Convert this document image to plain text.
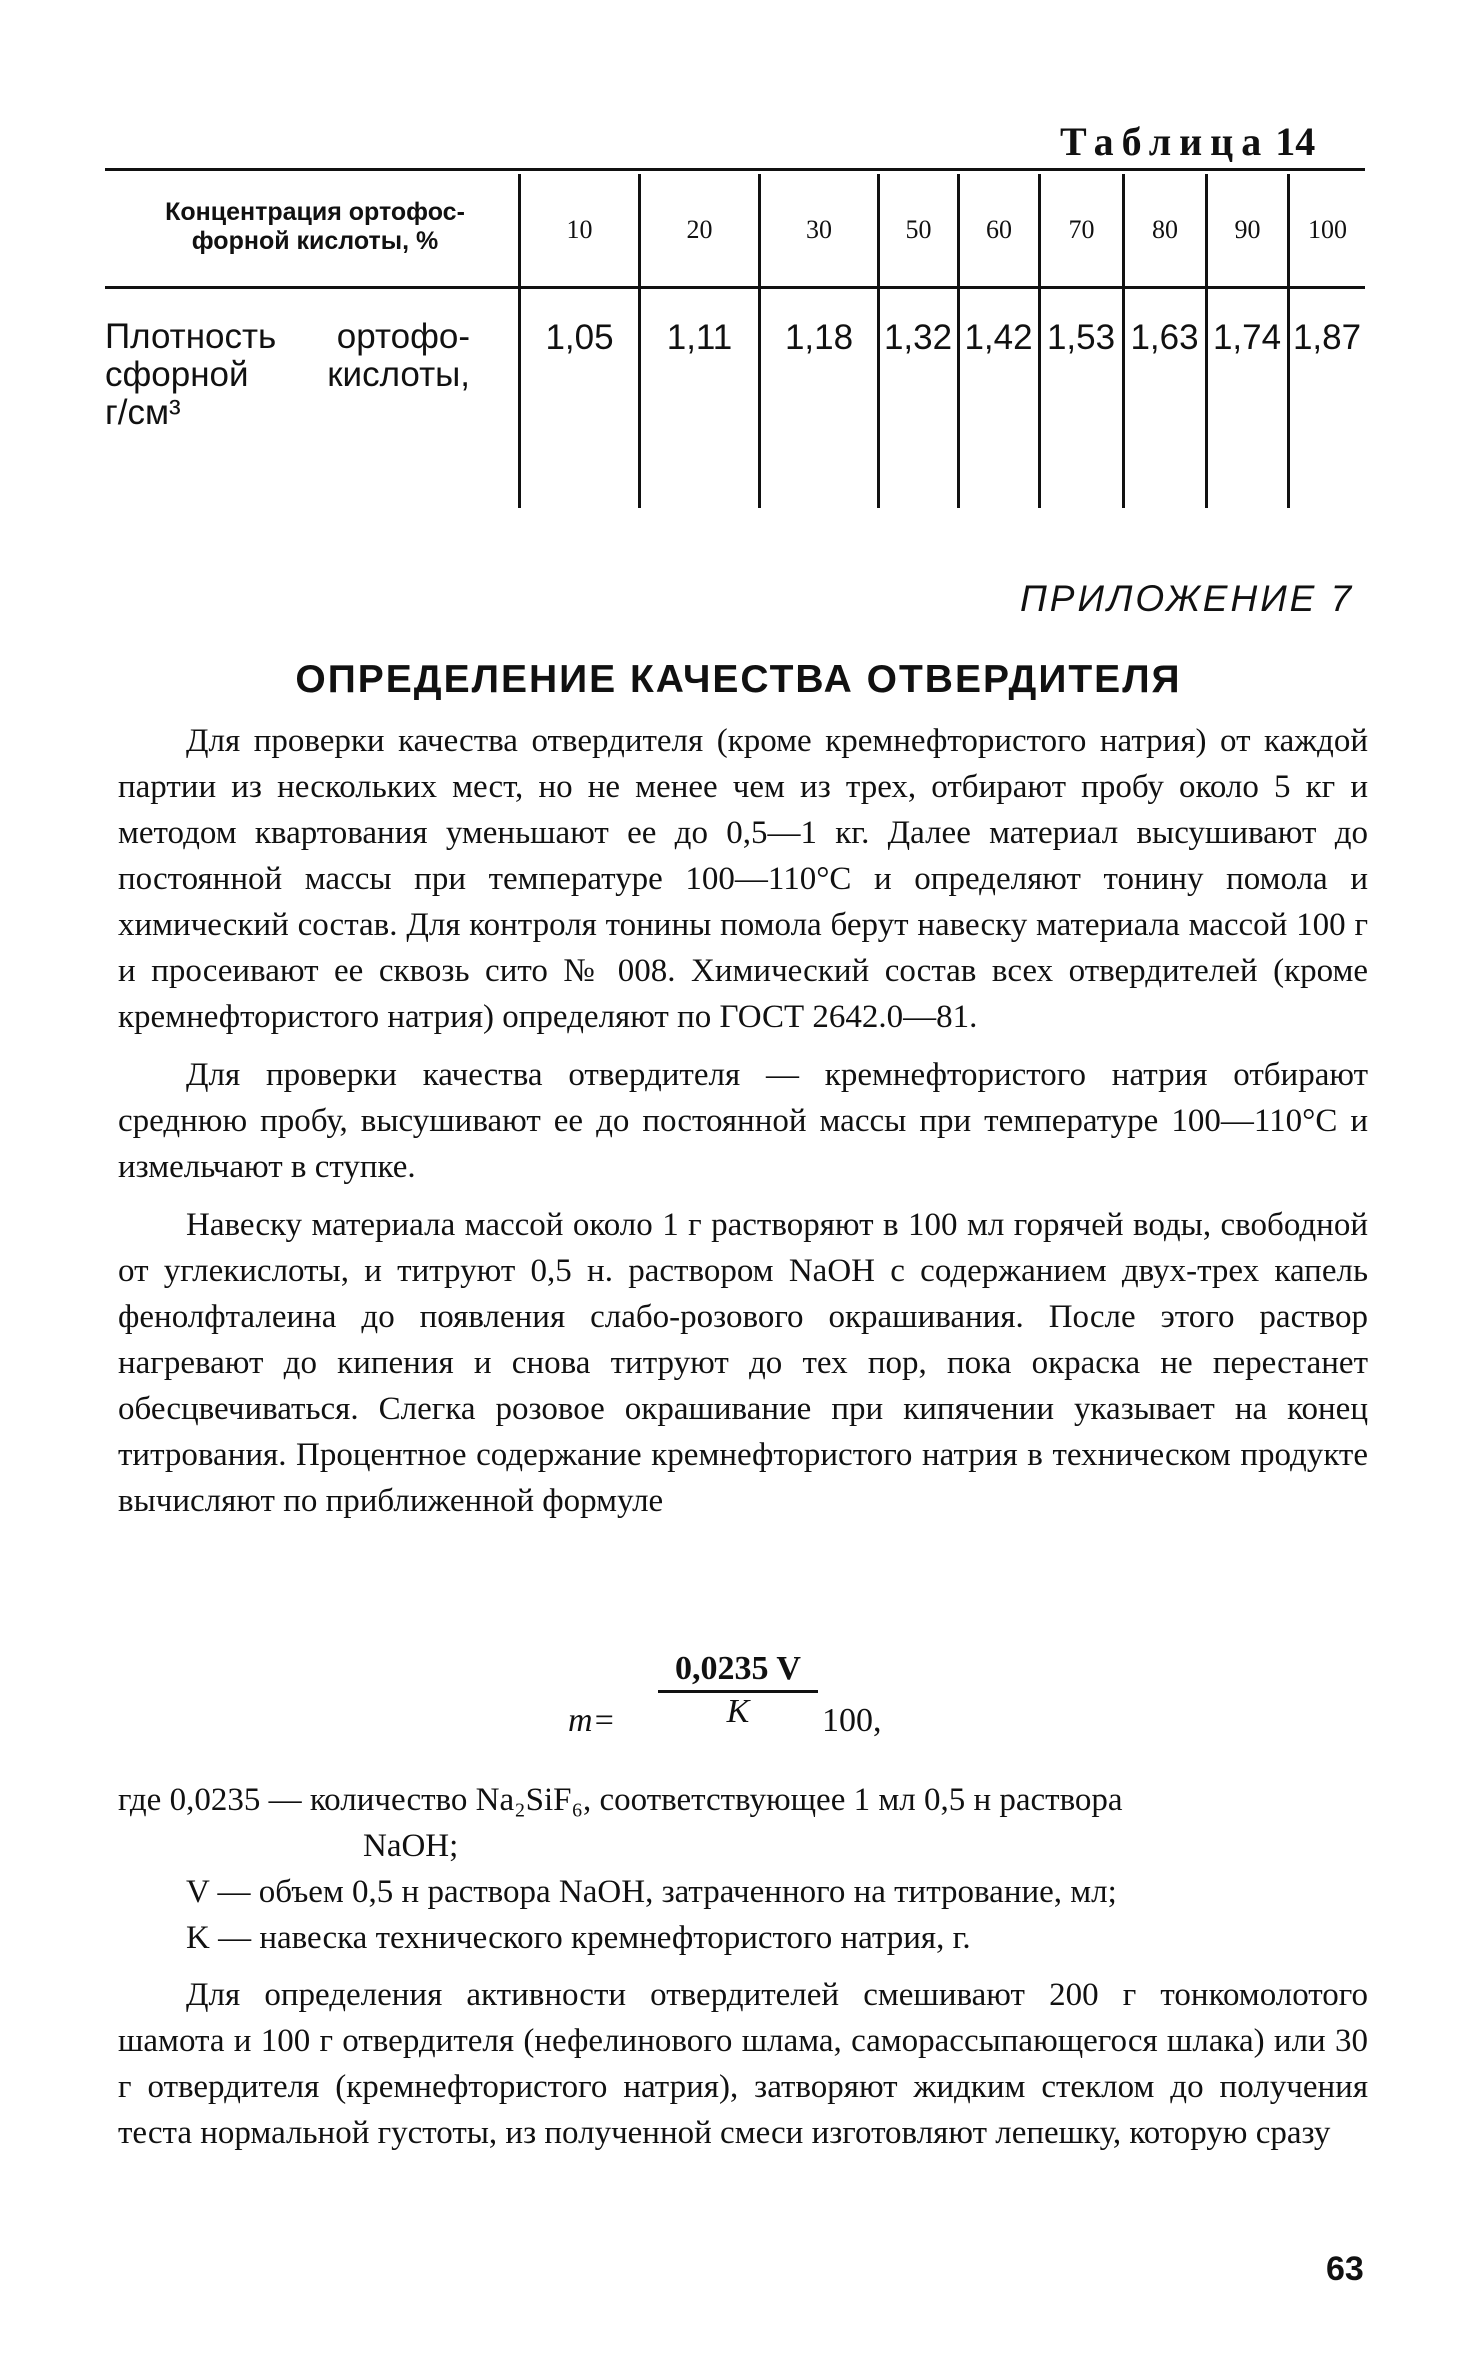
Таблица 14
Концентрация ортофос-
форной кислоты, %	10	20	30	50	60	70	80	90	100
Плотность ортофо-
сфорной кислоты,
г/см³
1,05	1,11	1,18 1,32 1,42 1,53 1,63 1,74 1,87
ПРИЛОЖЕНИЕ 7
ОПРЕДЕЛЕНИЕ КАЧЕСТВА ОТВЕРДИТЕЛЯ

Для проверки качества отвердителя (кроме кремнефтористого натрия) от каждой партии из нескольких мест, но не менее чем из трех, отбирают пробу около 5 кг и методом квартования уменьшают ее до 0,5—1 кг. Далее материал высушивают до постоянной массы при температуре 100—110°С и определяют тонину помола и химический состав. Для контроля тонины помола берут навеску материала массой 100 г и просеивают ее сквозь сито № 008. Химический состав всех отвердителей (кроме кремнефтористого натрия) определяют по ГОСТ 2642.0—81.

Для проверки качества отвердителя — кремнефтористого натрия отбирают среднюю пробу, высушивают ее до постоянной массы при температуре 100—110°С и измельчают в ступке.

Навеску материала массой около 1 г растворяют в 100 мл горячей воды, свободной от углекислоты, и титруют 0,5 н. раствором NaOH с содержанием двух-трех капель фенолфталеина до появления слабо-розового окрашивания. После этого раствор нагревают до кипения и снова титруют до тех пор, пока окраска не перестанет обесцвечиваться. Слегка розовое окрашивание при кипячении указывает на конец титрования. Процентное содержание кремнефтористого натрия в техническом продукте вычисляют по приближенной формуле

m=
0,0235 V
K	100,
где 0,0235 — количество Na₂SiF₆, соответствующее 1 мл 0,5 н раствора
NaOH;
V — объем 0,5 н раствора NaOH, затраченного на титрование, мл;
K — навеска технического кремнефтористого натрия, г.

Для определения активности отвердителей смешивают 200 г тонкомолотого шамота и 100 г отвердителя (нефелинового шлама, саморассыпающегося шлака) или 30 г отвердителя (кремнефтористого натрия), затворяют жидким стеклом до получения теста нормальной густоты, из полученной смеси изготовляют лепешку, которую сразу

63
